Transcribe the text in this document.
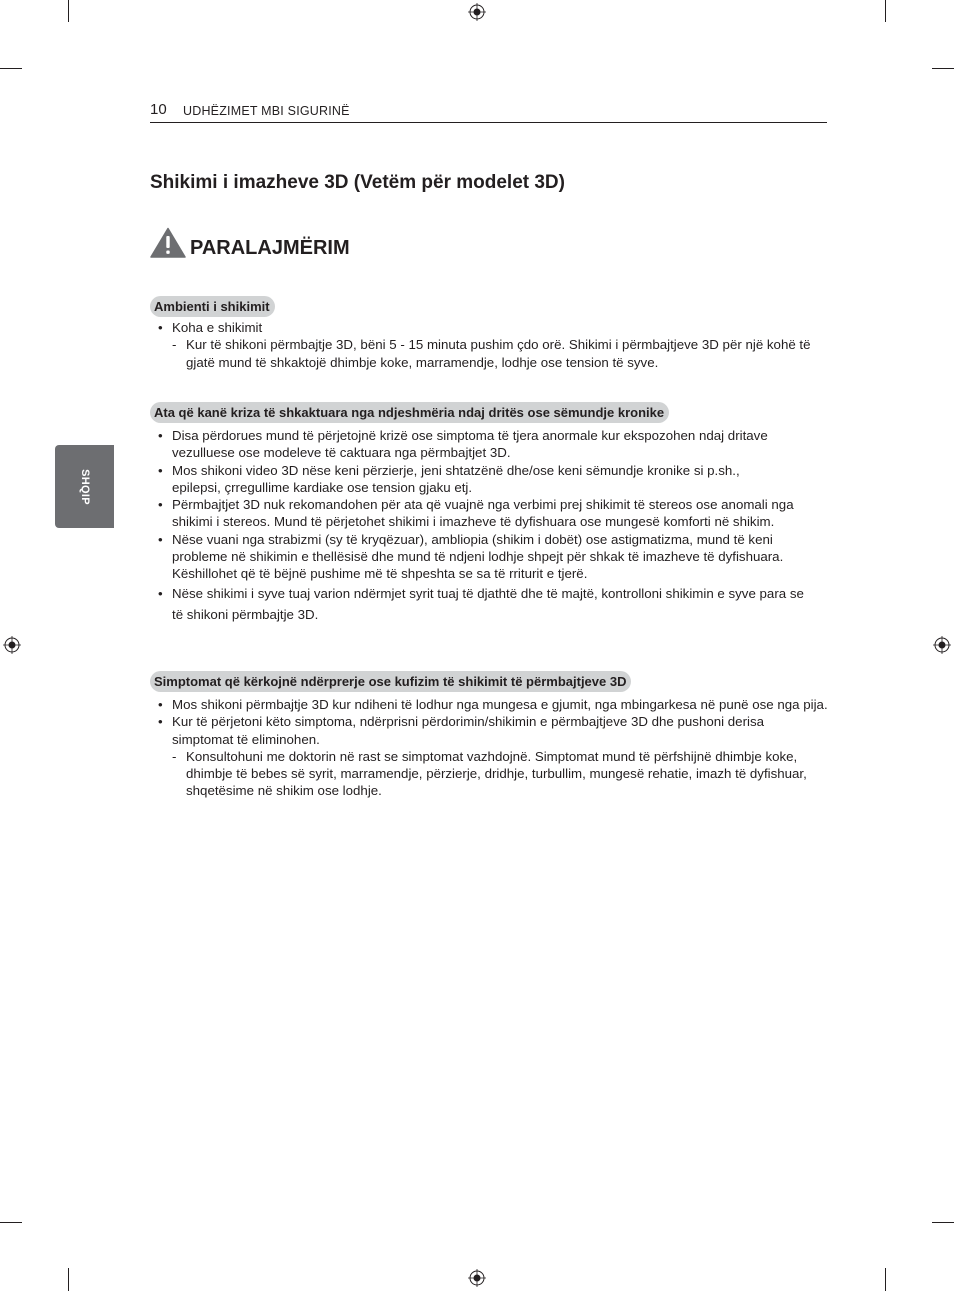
10 UDHËZIMET MBI SIGURINË
SHQIP
Shikimi i imazheve 3D (Vetëm për modelet 3D)
PARALAJMËRIM
Ambienti i shikimit
• Koha e shikimit
- Kur të shikoni përmbajtje 3D, bëni 5 - 15 minuta pushim çdo orë. Shikimi i përmbajtjeve 3D për një kohë të gjatë mund të shkaktojë dhimbje koke, marramendje, lodhje ose tension të syve.
Ata që kanë kriza të shkaktuara nga ndjeshmëria ndaj dritës ose sëmundje kronike
• Disa përdorues mund të përjetojnë krizë ose simptoma të tjera anormale kur ekspozohen ndaj dritave vezulluese ose modeleve të caktuara nga përmbajtjet 3D.
• Mos shikoni video 3D nëse keni përzierje, jeni shtatzënë dhe/ose keni sëmundje kronike si p.sh., epilepsi, çrregullime kardiake ose tension gjaku etj.
• Përmbajtjet 3D nuk rekomandohen për ata që vuajnë nga verbimi prej shikimit të stereos ose anomali nga shikimi i stereos. Mund të përjetohet shikimi i imazheve të dyfishuara ose mungesë komforti në shikim.
• Nëse vuani nga strabizmi (sy të kryqëzuar), ambliopia (shikim i dobët) ose astigmatizma, mund të keni probleme në shikimin e thellësisë dhe mund të ndjeni lodhje shpejt për shkak të imazheve të dyfishuara. Këshillohet që të bëjnë pushime më të shpeshta se sa të rriturit e tjerë.
• Nëse shikimi i syve tuaj varion ndërmjet syrit tuaj të djathtë dhe të majtë, kontrolloni shikimin e syve para se të shikoni përmbajtje 3D.
Simptomat që kërkojnë ndërprerje ose kufizim të shikimit të përmbajtjeve 3D
• Mos shikoni përmbajtje 3D kur ndiheni të lodhur nga mungesa e gjumit, nga mbingarkesa në punë ose nga pija.
• Kur të përjetoni këto simptoma, ndërprisni përdorimin/shikimin e përmbajtjeve 3D dhe pushoni derisa simptomat të eliminohen.
- Konsultohuni me doktorin në rast se simptomat vazhdojnë. Simptomat mund të përfshijnë dhimbje koke, dhimbje të bebes së syrit, marramendje, përzierje, dridhje, turbullim, mungesë rehatie, imazh të dyfishuar, shqetësime në shikim ose lodhje.
